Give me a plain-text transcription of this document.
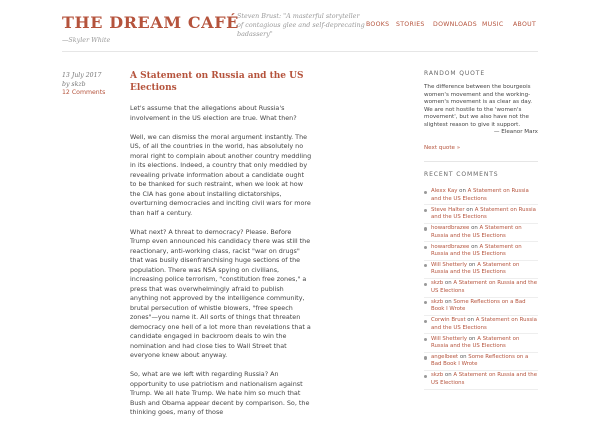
THE DREAM CAFÉ
Steven Brust: "A masterful storyteller of contagious glee and self-deprecating badassery"
—Skyler White
BOOKS STORIES DOWNLOADS MUSIC ABOUT
13 July 2017
by skzb
12 Comments
A Statement on Russia and the US Elections

Let's assume that the allegations about Russia's involvement in the US election are true. What then?

Well, we can dismiss the moral argument instantly. The US, of all the countries in the world, has absolutely no moral right to complain about another country meddling in its elections. Indeed, a country that only meddled by revealing private information about a candidate ought to be thanked for such restraint, when we look at how the CIA has gone about installing dictatorships, overturning democracies and inciting civil wars for more than half a century.

What next? A threat to democracy? Please. Before Trump even announced his candidacy there was still the reactionary, anti-working class, racist "war on drugs" that was busily disenfranchising huge sections of the population. There was NSA spying on civilians, increasing police terrorism, "constitution free zones," a press that was overwhelmingly afraid to publish anything not approved by the intelligence community, brutal persecution of whistle blowers, "free speech zones"—you name it. All sorts of things that threaten democracy one hell of a lot more than revelations that a candidate engaged in backroom deals to win the nomination and had close ties to Wall Street that everyone knew about anyway.

So, what are we left with regarding Russia? An opportunity to use patriotism and nationalism against Trump. We all hate Trump. We hate him so much that Bush and Obama appear decent by comparison. So, the thinking goes, many of those

RANDOM QUOTE

The difference between the bourgeois women's movement and the working-women's movement is as clear as day. We are not hostile to the 'women's movement', but we also have not the slightest reason to give it support.

— Eleanor Marx
Next quote »
RECENT COMMENTS
Alexx Kay on A Statement on Russia and the US Elections
Steve Halter on A Statement on Russia and the US Elections
howardbrazee on A Statement on Russia and the US Elections
howardbrazee on A Statement on Russia and the US Elections
Will Shetterly on A Statement on Russia and the US Elections
skzb on A Statement on Russia and the US Elections
skzb on Some Reflections on a Bad Book I Wrote
Corwin Brust on A Statement on Russia and the US Elections
Will Shetterly on A Statement on Russia and the US Elections
angelbeet on Some Reflections on a Bad Book I Wrote
skzb on A Statement on Russia and the US Elections
